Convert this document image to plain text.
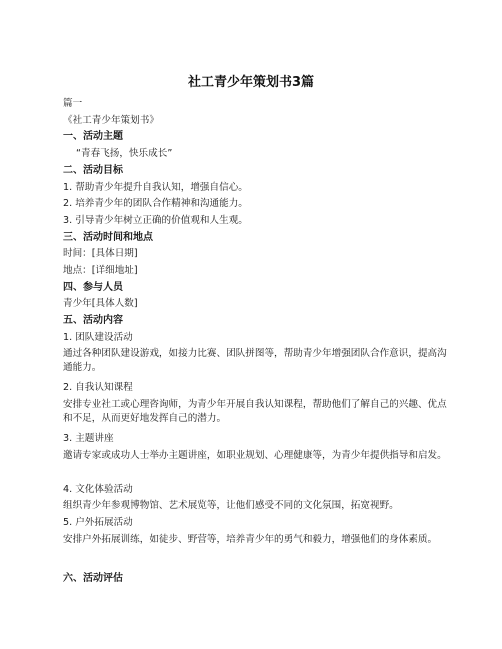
社工青少年策划书3篇
篇一
《社工青少年策划书》
一、活动主题
“青春飞扬，快乐成长”
二、活动目标
1. 帮助青少年提升自我认知，增强自信心。
2. 培养青少年的团队合作精神和沟通能力。
3. 引导青少年树立正确的价值观和人生观。
三、活动时间和地点
时间：[具体日期]
地点：[详细地址]
四、参与人员
青少年[具体人数]
五、活动内容
1. 团队建设活动
通过各种团队建设游戏，如接力比赛、团队拼图等，帮助青少年增强团队合作意识，提高沟通能力。
2. 自我认知课程
安排专业社工或心理咨询师，为青少年开展自我认知课程，帮助他们了解自己的兴趣、优点和不足，从而更好地发挥自己的潜力。
3. 主题讲座
邀请专家或成功人士举办主题讲座，如职业规划、心理健康等，为青少年提供指导和启发。
4. 文化体验活动
组织青少年参观博物馆、艺术展览等，让他们感受不同的文化氛围，拓宽视野。
5. 户外拓展活动
安排户外拓展训练，如徒步、野营等，培养青少年的勇气和毅力，增强他们的身体素质。
六、活动评估
